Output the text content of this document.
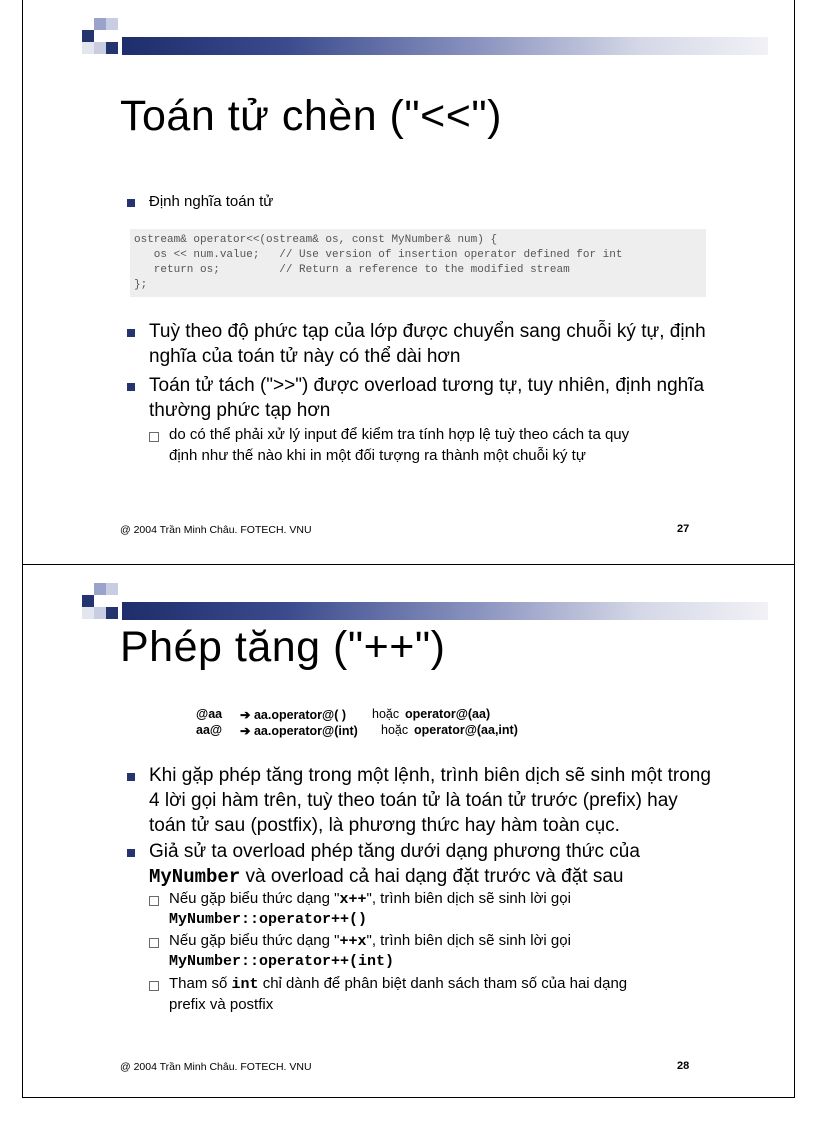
Toán tử chèn ("<<")
Định nghĩa toán tử
ostream& operator<<(ostream& os, const MyNumber& num) {
os << num.value;   // Use version of insertion operator defined for int
return os;         // Return a reference to the modified stream
};
Tuỳ theo độ phức tạp của lớp được chuyển sang chuỗi ký tự, định
nghĩa của toán tử này có thể dài hơn
Toán tử tách (">>") được overload tương tự, tuy nhiên, định nghĩa
thường phức tạp hơn
do có thể phải xử lý input để kiểm tra tính hợp lệ tuỳ theo cách ta quy
định như thế nào khi in một đối tượng ra thành một chuỗi ký tự
@ 2004 Trần Minh Châu. FOTECH. VNU	27
Phép tăng ("++")
@aa ➔ aa.operator@( ) hoặc operator@(aa)
aa@ ➔ aa.operator@(int) hoặc operator@(aa,int)
Khi gặp phép tăng trong một lệnh, trình biên dịch sẽ sinh một trong
4 lời gọi hàm trên, tuỳ theo toán tử là toán tử trước (prefix) hay
toán tử sau (postfix), là phương thức hay hàm toàn cục.
Giả sử ta overload phép tăng dưới dạng phương thức của
MyNumber và overload cả hai dạng đặt trước và đặt sau
Nếu gặp biểu thức dạng "x++", trình biên dịch sẽ sinh lời gọi
MyNumber::operator++()
Nếu gặp biểu thức dạng "++x", trình biên dịch sẽ sinh lời gọi
MyNumber::operator++(int)
Tham số int chỉ dành để phân biệt danh sách tham số của hai dạng
prefix và postfix
@ 2004 Trần Minh Châu. FOTECH. VNU	28
